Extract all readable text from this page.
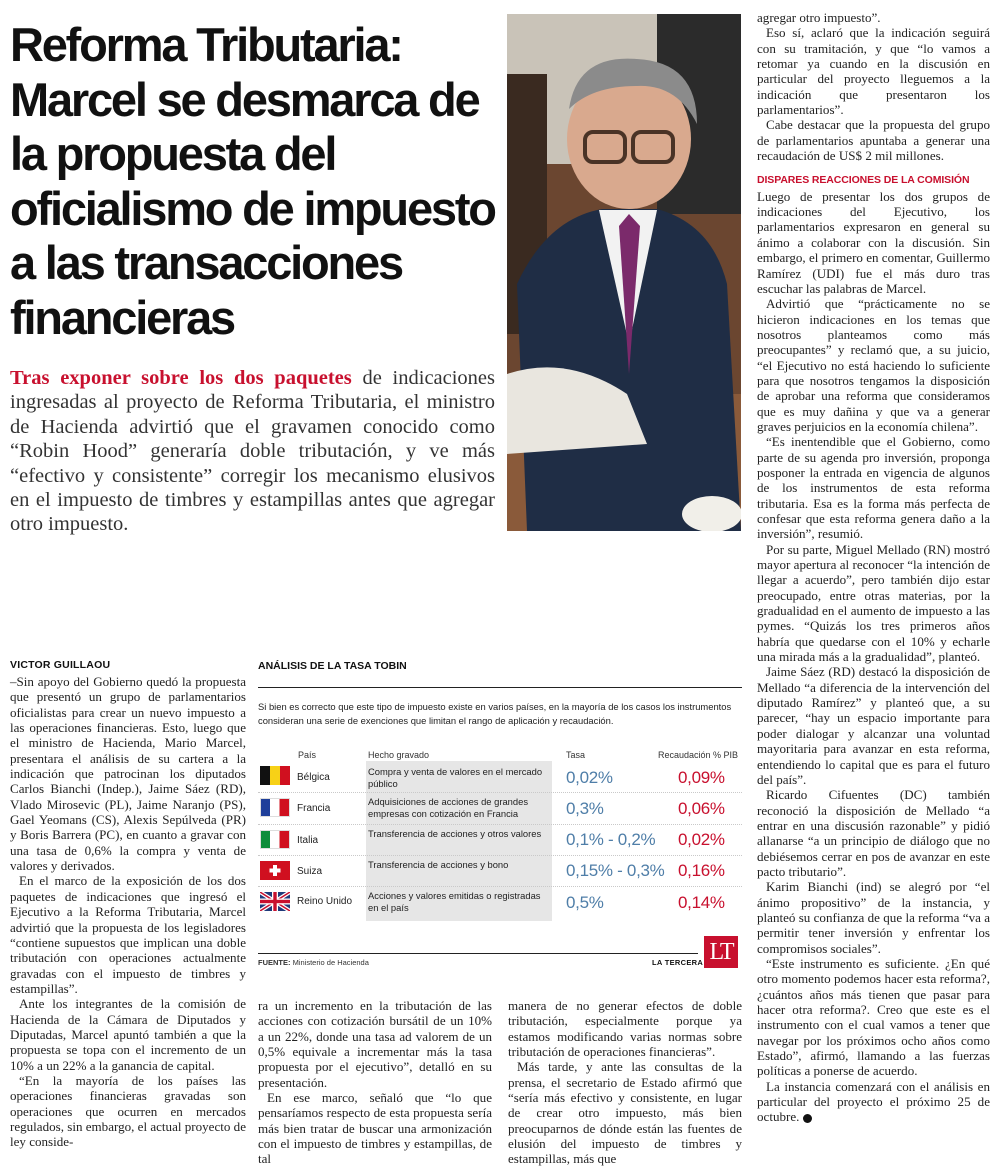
Reforma Tributaria: Marcel se desmarca de la propuesta del oficialismo de impuesto a las transacciones financieras
Tras exponer sobre los dos paquetes de indicaciones ingresadas al proyecto de Reforma Tributaria, el ministro de Hacienda advirtió que el gravamen conocido como “Robin Hood” generaría doble tributación, y ve más “efectivo y consistente” corregir los mecanismo elusivos en el impuesto de timbres y estampillas antes que agregar otro impuesto.
VICTOR GUILLAOU

–Sin apoyo del Gobierno quedó la propuesta que presentó un grupo de parlamentarios oficialistas para crear un nuevo impuesto a las operaciones financieras. Esto, luego que el ministro de Hacienda, Mario Marcel, presentara el análisis de su cartera a la indicación que patrocinan los diputados Carlos Bianchi (Indep.), Jaime Sáez (RD), Vlado Mirosevic (PL), Jaime Naranjo (PS), Gael Yeomans (CS), Alexis Sepúlveda (PR) y Boris Barrera (PC), en cuanto a gravar con una tasa de 0,6% la compra y venta de valores y derivados.

En el marco de la exposición de los dos paquetes de indicaciones que ingresó el Ejecutivo a la Reforma Tributaria, Marcel advirtió que la propuesta de los legisladores “contiene supuestos que implican una doble tributación con operaciones actualmente gravadas con el impuesto de timbres y estampillas”.

Ante los integrantes de la comisión de Hacienda de la Cámara de Diputados y Diputadas, Marcel apuntó también a que la propuesta se topa con el incremento de un 10% a un 22% a la ganancia de capital.

“En la mayoría de los países las operaciones financieras gravadas son operaciones que ocurren en mercados regulados, sin embargo, el actual proyecto de ley conside-

ANÁLISIS DE LA TASA TOBIN
Si bien es correcto que este tipo de impuesto existe en varios países, en la mayoría de los casos los instrumentos consideran una serie de exenciones que limitan el rango de aplicación y recaudación.
País	Hecho gravado	Tasa	Recaudación % PIB
Bélgica
Compra y venta de valores en el mercado público	0,02%	0,09%
Francia
Adquisiciones de acciones de grandes empresas con cotización en Francia	0,3%	0,06%
Italia
Transferencia de acciones y otros valores 0,1% - 0,2% 0,02%
Suiza
Transferencia de acciones y bono	0,15% - 0,3% 0,16%
Reino Unido
Acciones y valores emitidas o registradas en el país	0,5%	0,14%
FUENTE: Ministerio de Hacienda	LA TERCERA LT

ra un incremento en la tributación de las acciones con cotización bursátil de un 10% a un 22%, donde una tasa ad valorem de un 0,5% equivale a incrementar más la tasa propuesta por el ejecutivo”, detalló en su presentación.

En ese marco, señaló que “lo que pensaríamos respecto de esta propuesta sería más bien tratar de buscar una armonización con el impuesto de timbres y estampillas, de tal

manera de no generar efectos de doble tributación, especialmente porque ya estamos modificando varias normas sobre tributación de operaciones financieras”.

Más tarde, y ante las consultas de la prensa, el secretario de Estado afirmó que “sería más efectivo y consistente, en lugar de crear otro impuesto, más bien preocuparnos de dónde están las fuentes de elusión del impuesto de timbres y estampillas, más que

agregar otro impuesto”.

Eso sí, aclaró que la indicación seguirá con su tramitación, y que “lo vamos a retomar ya cuando en la discusión en particular del proyecto lleguemos a la indicación que presentaron los parlamentarios”.

Cabe destacar que la propuesta del grupo de parlamentarios apuntaba a generar una recaudación de US$ 2 mil millones.

DISPARES REACCIONES DE LA COMISIÓN

Luego de presentar los dos grupos de indicaciones del Ejecutivo, los parlamentarios expresaron en general su ánimo a colaborar con la discusión. Sin embargo, el primero en comentar, Guillermo Ramírez (UDI) fue el más duro tras escuchar las palabras de Marcel.

Advirtió que “prácticamente no se hicieron indicaciones en los temas que nosotros planteamos como más preocupantes” y reclamó que, a su juicio, “el Ejecutivo no está haciendo lo suficiente para que nosotros tengamos la disposición de aprobar una reforma que consideramos que es muy dañina y que va a generar graves perjuicios en la economía chilena”.

“Es inentendible que el Gobierno, como parte de su agenda pro inversión, proponga posponer la entrada en vigencia de algunos de los instrumentos de esta reforma tributaria. Esa es la forma más perfecta de confesar que esta reforma genera daño a la inversión”, resumió.

Por su parte, Miguel Mellado (RN) mostró mayor apertura al reconocer “la intención de llegar a acuerdo”, pero también dijo estar preocupado, entre otras materias, por la gradualidad en el aumento de impuesto a las pymes. “Quizás los tres primeros años habría que quedarse con el 10% y echarle una mirada más a la gradualidad”, planteó.

Jaime Sáez (RD) destacó la disposición de Mellado “a diferencia de la intervención del diputado Ramírez” y planteó que, a su parecer, “hay un espacio importante para poder dialogar y alcanzar una voluntad mayoritaria para avanzar en esta reforma, entendiendo lo capital que es para el futuro del país”.

Ricardo Cifuentes (DC) también reconoció la disposición de Mellado “a entrar en una discusión razonable” y pidió allanarse “a un principio de diálogo que no debiésemos cerrar en pos de avanzar en este pacto tributario”.

Karim Bianchi (ind) se alegró por “el ánimo propositivo” de la instancia, y planteó su confianza de que la reforma “va a permitir tener inversión y enfrentar los compromisos sociales”.

“Este instrumento es suficiente. ¿En qué otro momento podemos hacer esta reforma?, ¿cuántos años más tienen que pasar para hacer otra reforma?. Creo que este es el instrumento con el cual vamos a tener que navegar por los próximos ocho años como Estado”, afirmó, llamando a las fuerzas políticas a ponerse de acuerdo.

La instancia comenzará con el análisis en particular del proyecto el próximo 25 de octubre. P
